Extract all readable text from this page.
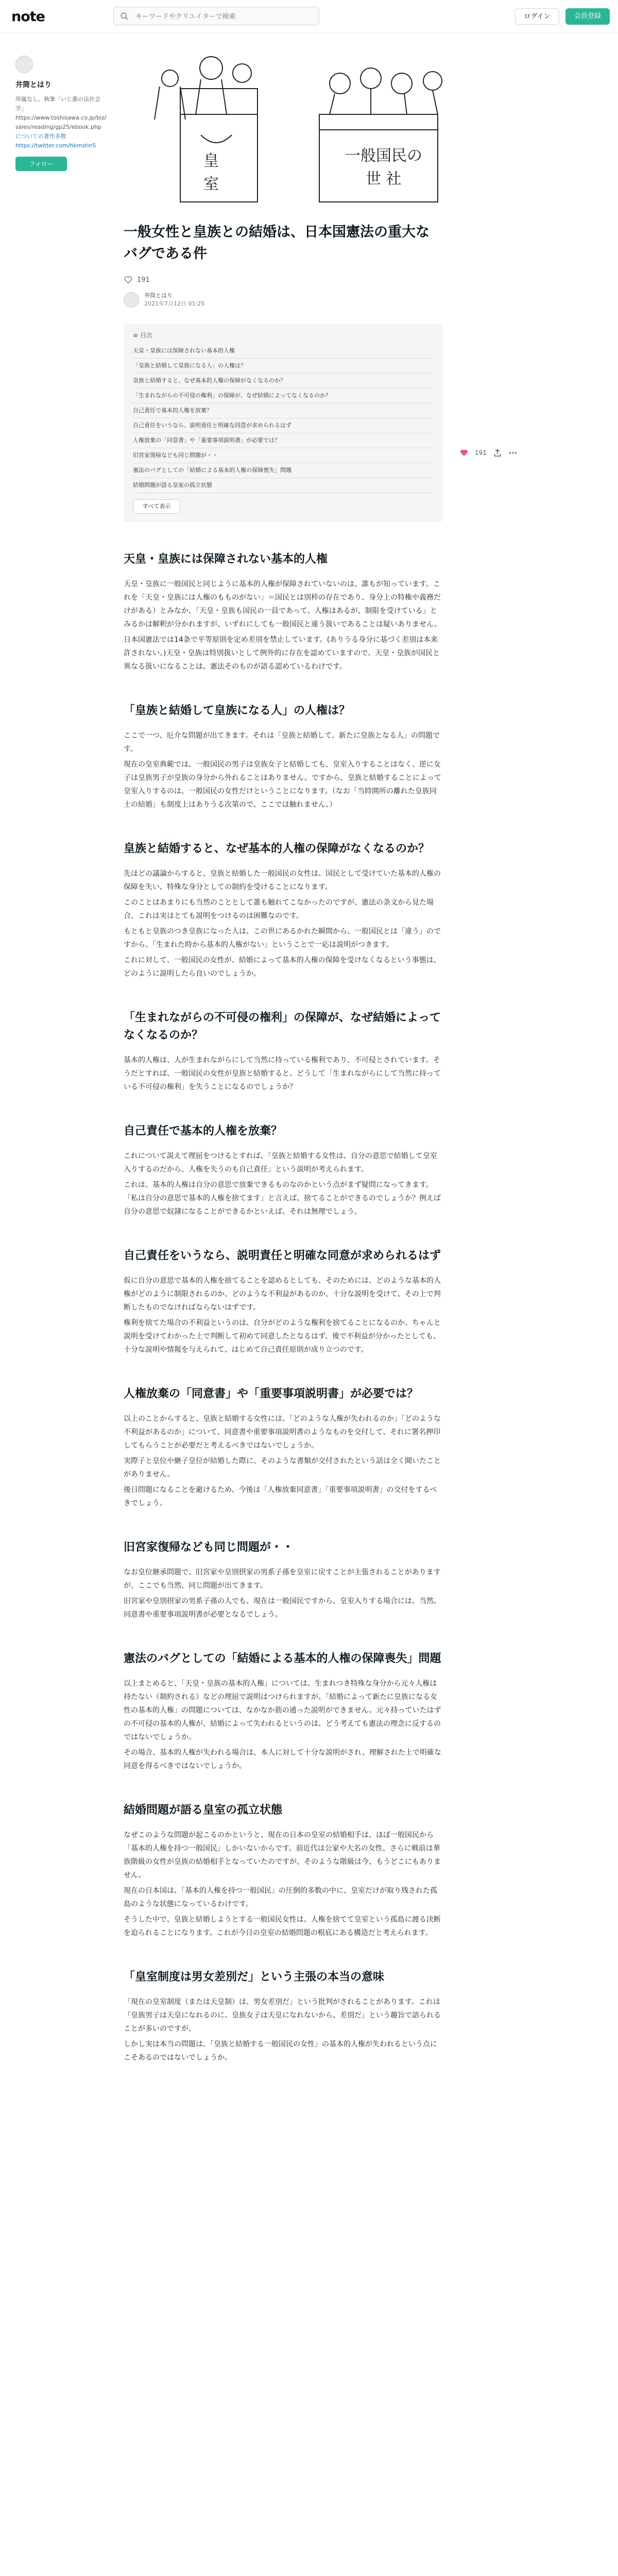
note
キーワードやクリエイターで検索	ログイン	会員登録
井筒とはり
所属なし。執筆「いじ悪の法社会学」
https://www.toshisawa.co.jp/biz/sales/reading/gp25/ebook.php
についての著作多数
https://twitter.com/hkmstin5
フォロー	皇
室
一般国民の
世 社
一般女性と皇族との結婚は、日本国憲法の重大なバグである件
191
井筒とはり
2021年7月12日 01:25
≡ 目次
天皇・皇族には保障されない基本的人権
「皇族と結婚して皇族になる人」の人権は？
皇族と結婚すると、なぜ基本的人権の保障がなくなるのか？
「生まれながらの不可侵の権利」の保障が、なぜ結婚によってなくなるのか？
自己責任で基本的人権を放棄？
自己責任をいうなら、説明責任と明確な同意が求められるはず
人権放棄の「同意書」や「重要事項説明書」が必要では？
旧宮家復帰なども同じ問題が・・
憲法のバグとしての「結婚による基本的人権の保障喪失」問題
結婚問題が語る皇室の孤立状態
すべて表示
天皇・皇族には保障されない基本的人権

天皇・皇族に一般国民と同じように基本的人権が保障されていないのは、誰もが知っています。これを「天皇・皇族には人権のもものがない」＝国民とは別枠の存在であり、身分上の特権や義務だけがある）とみなか、「天皇・皇族も国民の一員であって、人権はあるが、制限を受けている」とみるかは解釈が分かれますが、いずれにしても一般国民と違う扱いであることは疑いありません。

日本国憲法では14条で平等原則を定め差別を禁止しています。(ありうる身分に基づく差別は本来許されない。)天皇・皇族は特別扱いとして例外的に存在を認めていますので、天皇・皇族が国民と異なる扱いになることは、憲法そのものが語る認めているわけです。

「皇族と結婚して皇族になる人」の人権は？

ここで一つ、厄介な問題が出てきます。それは「皇族と結婚して、新たに皇族となる人」の問題です。

現在の皇室典範では、一般国民の男子は皇族女子と結婚しても、皇室入りすることはなく、逆に女子は皇族男子が皇族の身分から外れることはありません。ですから、皇族と結婚することによって皇室入りするのは、一般国民の女性だけということになります。（なお「当時開所の離れた皇族同士の結婚」も制度上はありうる次第ので、ここでは触れません。）

皇族と結婚すると、なぜ基本的人権の保障がなくなるのか？

先ほどの議論からすると、皇族と結婚した一般国民の女性は、国民として受けていた基本的人権の保障を失い、特殊な身分としての制約を受けることになります。

このことはあまりにも当然のこととして誰も触れてこなかったのですが、憲法の条文から見た場合、これは実はとても説明をつけるのは困難なのです。

もともと皇族のつき皇族になった人は、この世にあるかれた瞬間から、一般国民とは「違う」のですから、「生まれた時から基本的人権がない」ということで一応は説明がつきます。

これに対して、一般国民の女性が、結婚によって基本的人権の保障を受けなくなるという事態は、どのように説明したら良いのでしょうか。

「生まれながらの不可侵の権利」の保障が、なぜ結婚によってなくなるのか？

基本的人権は、人が生まれながらにして当然に持っている権利であり、不可侵とされています。そうだとすれば、一般国民の女性が皇族と結婚すると、どうして「生まれながらにして当然に持っている不可侵の権利」を失うことになるのでしょうか？

自己責任で基本的人権を放棄？

これについて説えて理屈をつけるとすれば、「皇族と結婚する女性は、自分の意思で結婚して皇室入りするのだから、人権を失うのも自己責任」という説明が考えられます。

これは、基本的人権は自分の意思で放棄できるものなのかという点がまず疑問になってきます。「私は自分の意思で基本的人権を捨てます」と言えば、捨てることができるのでしょうか？例えば自分の意思で奴隷になることができるかといえば、それは無理でしょう。

自己責任をいうなら、説明責任と明確な同意が求められるはず

仮に自分の意思で基本的人権を捨てることを認めるとしても、そのためには、どのような基本的人権がどのように制限されるのか、どのような不利益があるのか、十分な説明を受けて、その上で判断したものでなければならないはずです。

権利を捨てた場合の不利益というのは、自分がどのような権利を捨てることになるのか、ちゃんと説明を受けてわかった上で判断して初めて同意したとなるはず、後で不利益が分かったとしても、十分な説明や情報を与えられて、はじめて自己責任原則が成り立つのです。

人権放棄の「同意書」や「重要事項説明書」が必要では？

以上のことからすると、皇族と結婚する女性には、「どのような人権が失われるのか」「どのような不利益があるのか」について、同意書や重要事項説明書のようなものを交付して、それに署名押印してもらうことが必要だと考えるべきではないでしょうか。

実際子と皇位や継子皇位が結婚した際に、そのような書類が交付されたという話は全く聞いたことがありません。

後日問題になることを避けるため、今後は「人権放棄同意書」「重要事項説明書」の交付をするべきでしょう。

旧宮家復帰なども同じ問題が・・

なお皇位継承問題で、旧宮家や皇別摂家の男系子孫を皇室に戻すことが主張されることがありますが、ここでも当然、同じ問題が出てきます。

旧宮家や皇別摂家の男系子孫の人でも、現在は一般国民ですから、皇室入りする場合には、当然、同意書や重要事項説明書が必要となるでしょう。

憲法のバグとしての「結婚による基本的人権の保障喪失」問題

以上まとめると、「天皇・皇族の基本的人権」については、生まれつき特殊な身分から元々人権は持たない（制約される）などの理屈で説明はつけられますが、「結婚によって新たに皇族になる女性の基本的人権」の問題については、なかなか筋の通った説明ができません。元々持っていたはずの不可侵の基本的人権が、結婚によって失われるというのは、どう考えても憲法の理念に反するのではないでしょうか。

その場合、基本的人権が失われる場合は、本人に対して十分な説明がされ、理解された上で明確な同意を得るべきではないでしょうか。

結婚問題が語る皇室の孤立状態

なぜこのような問題が起こるのかというと、現在の日本の皇室の結婚相手は、ほぼ一般国民から「基本的人権を持つ一般国民」しかいないからです。前近代は公家や大名の女性、さらに戦前は華族階級の女性が皇族の結婚相手となっていたのですが、そのような階級は今、もうどこにもありません。

現在の日本国は、「基本的人権を持つ一般国民」の圧倒的多数の中に、皇室だけが取り残された孤島のような状態になっているわけです。

そうした中で、皇族と結婚しようとする一般国民女性は、人権を捨てて皇室という孤島に渡る決断を迫られることになります。これが今日の皇室の結婚問題の根底にある構造だと考えられます。

「皇室制度は男女差別だ」という主張の本当の意味

「現在の皇室制度（または天皇制）は、男女差別だ」という批判がされることがあります。これは「皇族男子は天皇になれるのに、皇族女子は天皇になれないから、差別だ」という趣旨で語られることが多いのですが、

しかし実は本当の問題は、「皇族と結婚する一般国民の女性」の基本的人権が失われるという点にこそあるのではないでしょうか。

191
